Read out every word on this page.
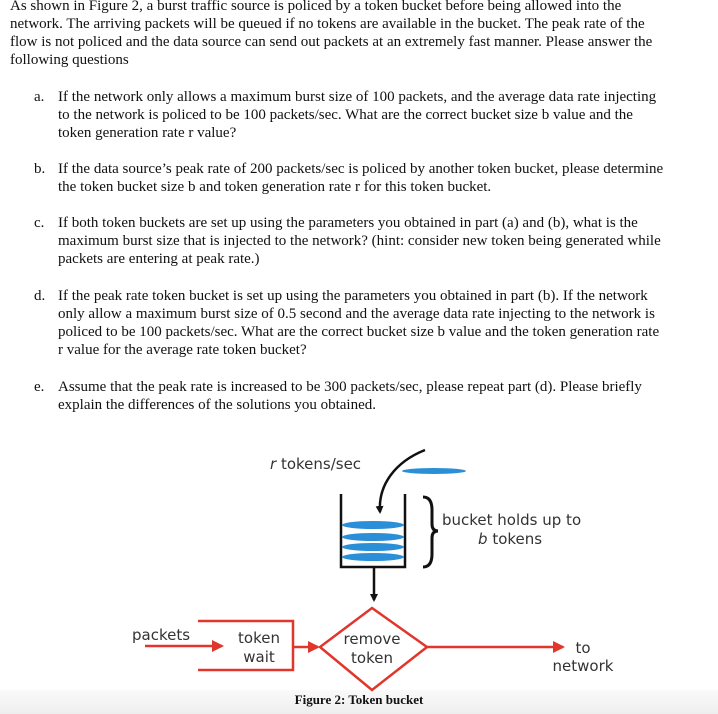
As shown in Figure 2, a burst traffic source is policed by a token bucket before being allowed into the
network. The arriving packets will be queued if no tokens are available in the bucket. The peak rate of the
flow is not policed and the data source can send out packets at an extremely fast manner. Please answer the
following questions
a. If the network only allows a maximum burst size of 100 packets, and the average data rate injecting
to the network is policed to be 100 packets/sec. What are the correct bucket size b value and the
token generation rate r value?
b. If the data source’s peak rate of 200 packets/sec is policed by another token bucket, please determine
the token bucket size b and token generation rate r for this token bucket.
c. If both token buckets are set up using the parameters you obtained in part (a) and (b), what is the
maximum burst size that is injected to the network? (hint: consider new token being generated while
packets are entering at peak rate.)
d. If the peak rate token bucket is set up using the parameters you obtained in part (b). If the network
only allow a maximum burst size of 0.5 second and the average data rate injecting to the network is
policed to be 100 packets/sec. What are the correct bucket size b value and the token generation rate
r value for the average rate token bucket?
e. Assume that the peak rate is increased to be 300 packets/sec, please repeat part (d). Please briefly
explain the differences of the solutions you obtained.
r tokens/sec
bucket holds up to
b tokens
packets	token
wait
remove
token
to
network
Figure 2: Token bucket
